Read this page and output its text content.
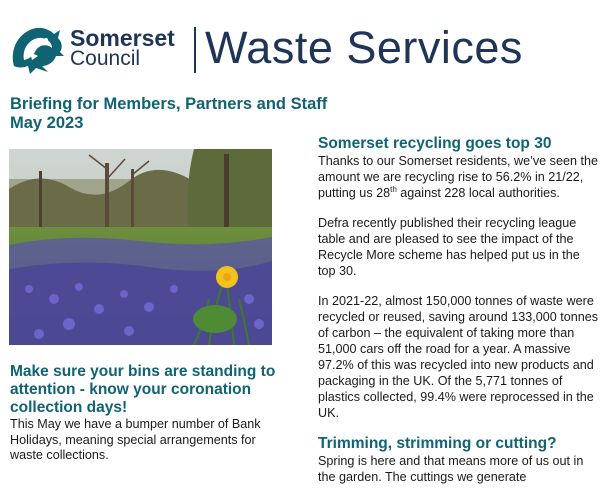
Somerset
Council Waste Services
Briefing for Members, Partners and Staff
May 2023
Make sure your bins are standing to attention - know your coronation collection days!
This May we have a bumper number of Bank Holidays, meaning special arrangements for waste collections.
Somerset recycling goes top 30
Thanks to our Somerset residents, we’ve seen the amount we are recycling rise to 56.2% in 21/22, putting us 28th against 228 local authorities.
Defra recently published their recycling league table and are pleased to see the impact of the Recycle More scheme has helped put us in the top 30.
In 2021-22, almost 150,000 tonnes of waste were recycled or reused, saving around 133,000 tonnes of carbon – the equivalent of taking more than 51,000 cars off the road for a year. A massive 97.2% of this was recycled into new products and packaging in the UK. Of the 5,771 tonnes of plastics collected, 99.4% were reprocessed in the UK.
Trimming, strimming or cutting?
Spring is here and that means more of us out in the garden. The cuttings we generate
